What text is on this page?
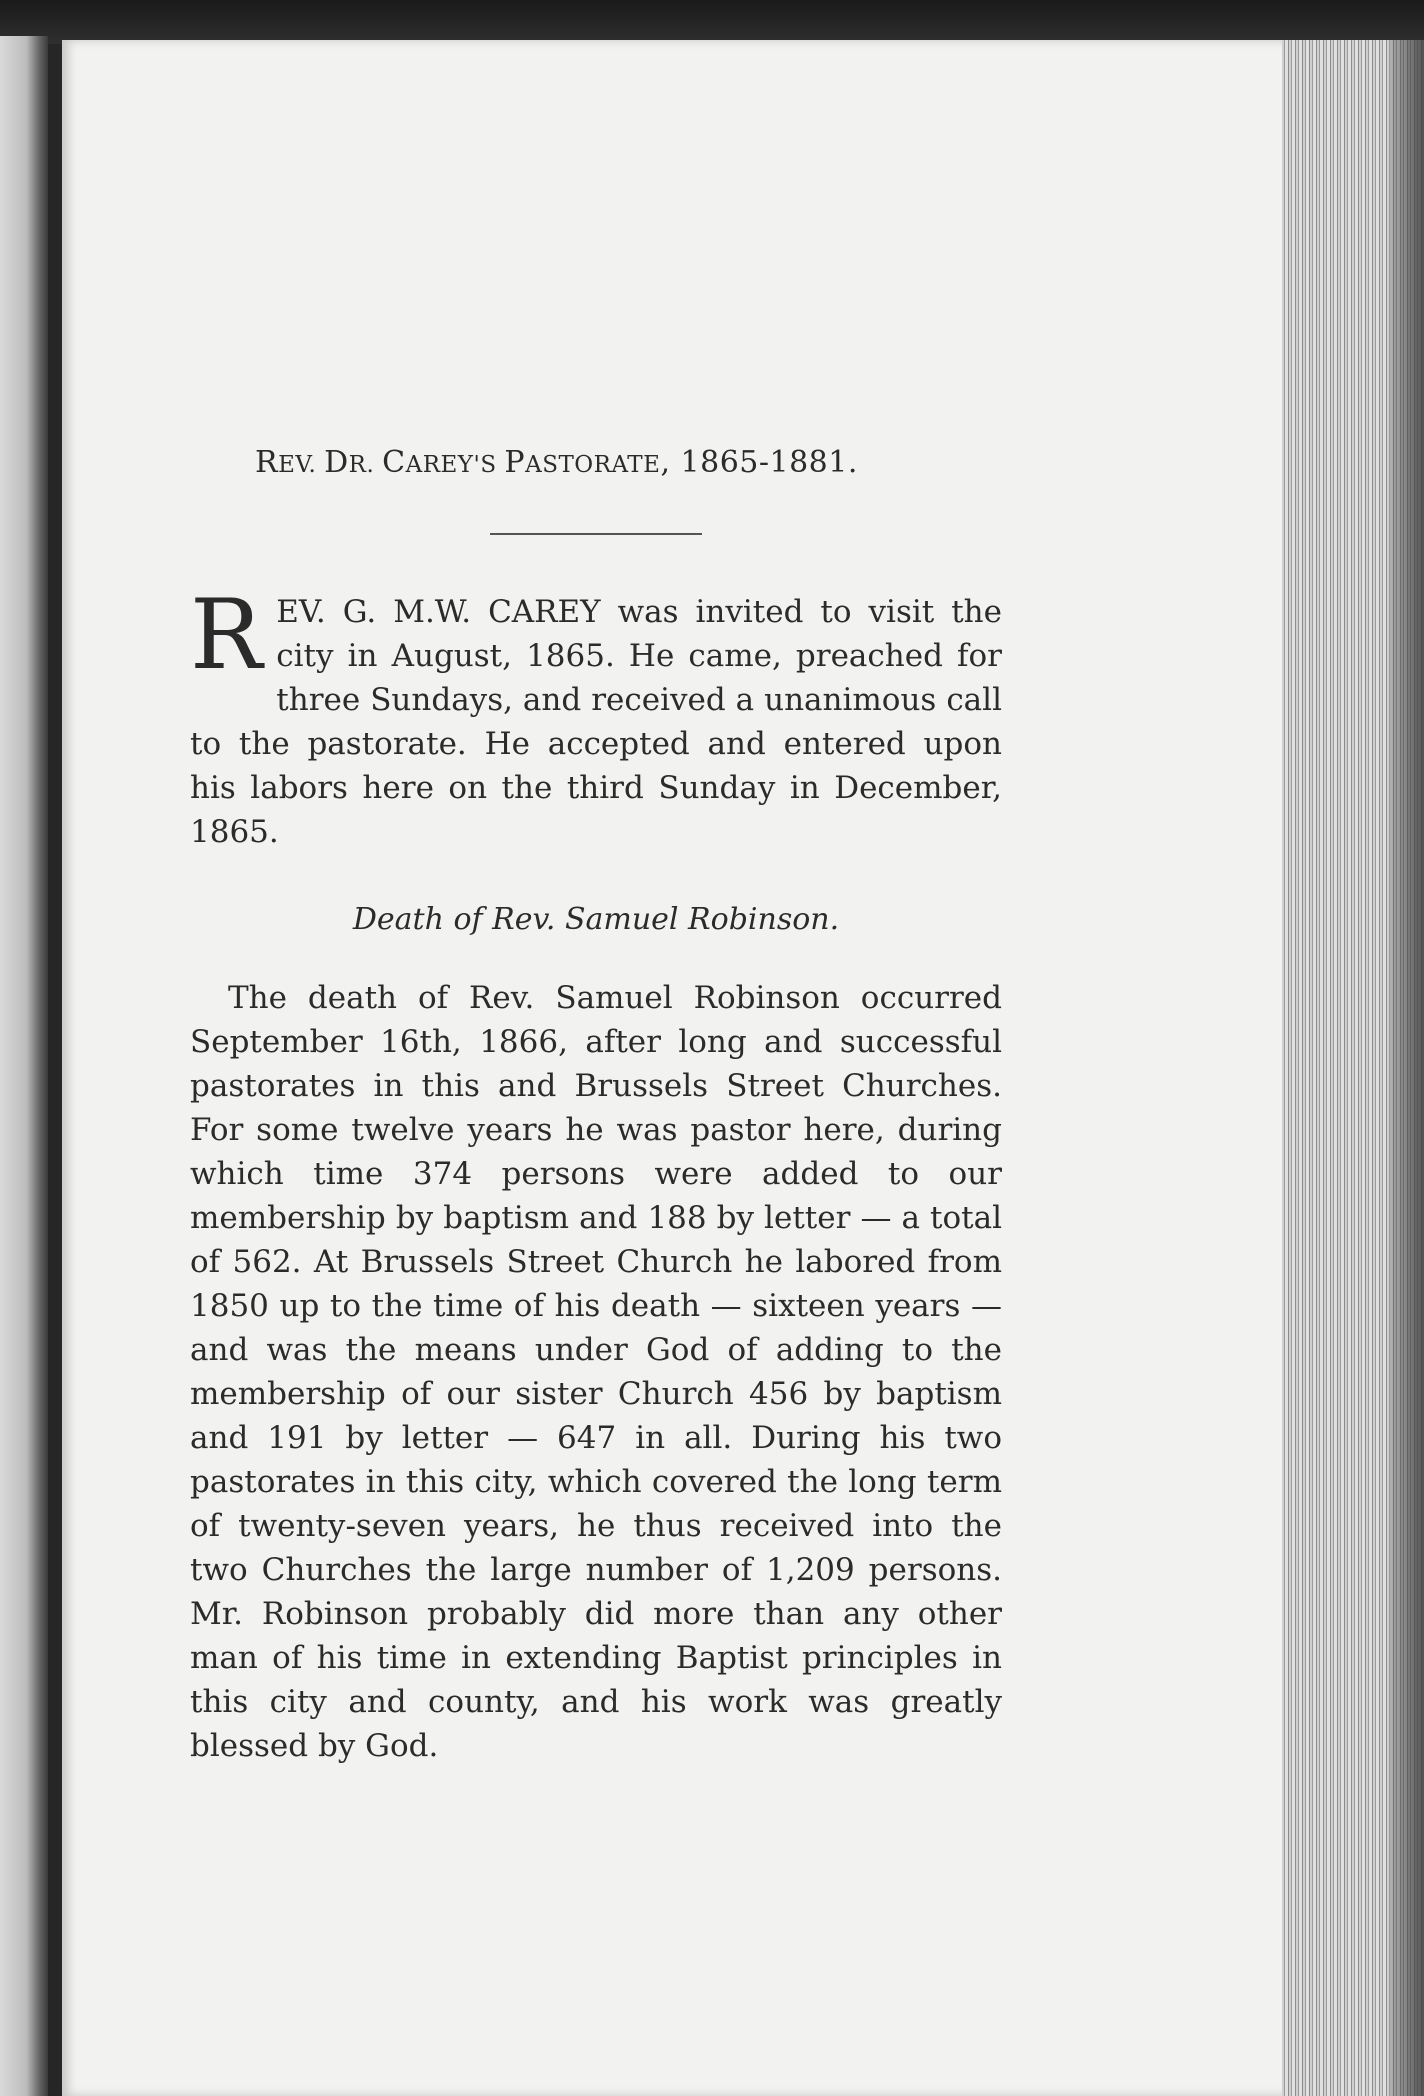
REV. DR. CAREY'S PASTORATE, 1865-1881.

REV. G. M.W. CAREY was invited to visit the city in August, 1865. He came, preached for three Sundays, and received a unanimous call to the pastorate. He accepted and entered upon his labors here on the third Sunday in December, 1865.

Death of Rev. Samuel Robinson.

The death of Rev. Samuel Robinson occurred September 16th, 1866, after long and successful pastorates in this and Brussels Street Churches. For some twelve years he was pastor here, during which time 374 persons were added to our membership by baptism and 188 by letter — a total of 562. At Brussels Street Church he labored from 1850 up to the time of his death — sixteen years — and was the means under God of adding to the membership of our sister Church 456 by baptism and 191 by letter — 647 in all. During his two pastorates in this city, which covered the long term of twenty-seven years, he thus received into the two Churches the large number of 1,209 persons. Mr. Robinson probably did more than any other man of his time in extending Baptist principles in this city and county, and his work was greatly blessed by God.
